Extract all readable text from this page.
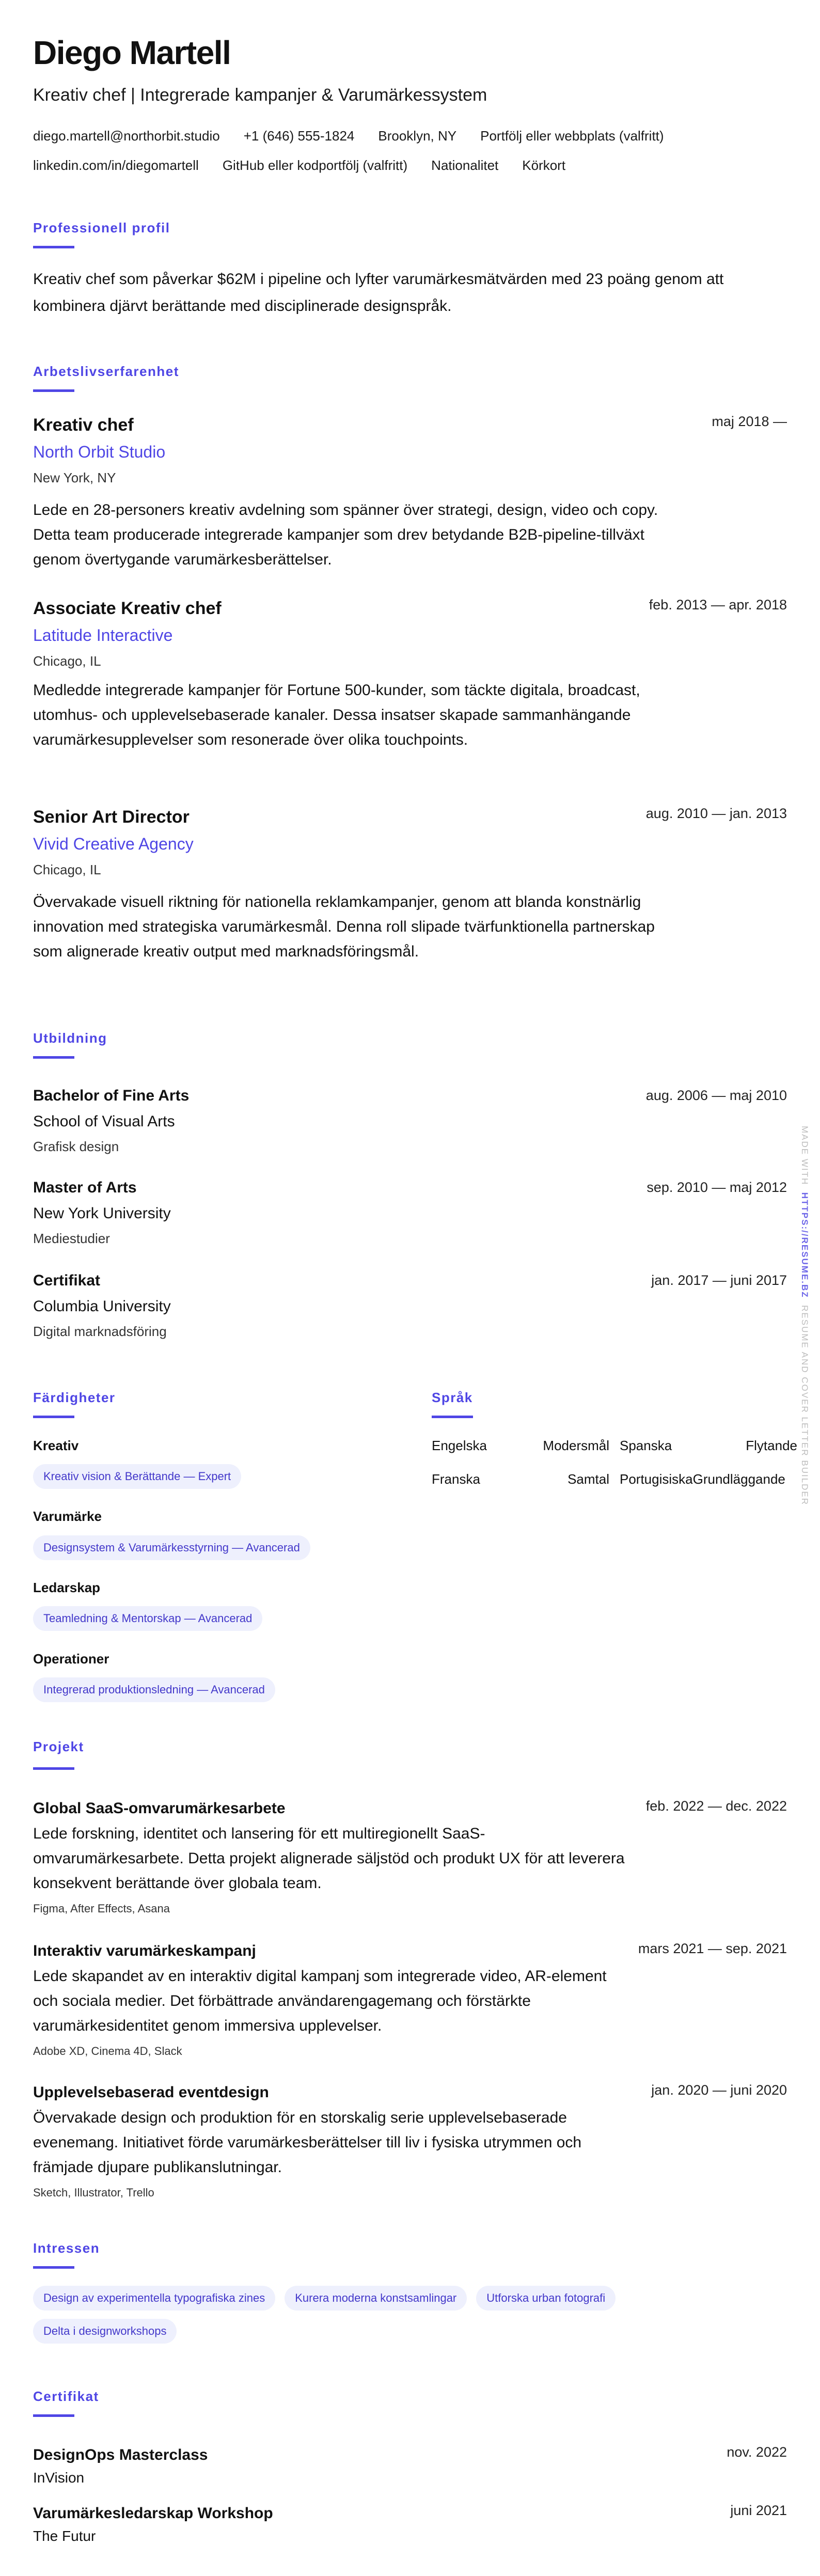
Diego Martell
Kreativ chef | Integrerade kampanjer & Varumärkessystem
diego.martell@northorbit.studio +1 (646) 555-1824 Brooklyn, NY Portfölj eller webbplats (valfritt)
linkedin.com/in/diegomartell GitHub eller kodportfölj (valfritt) Nationalitet Körkort
Professionell profil
Kreativ chef som påverkar $62M i pipeline och lyfter varumärkesmätvärden med 23 poäng genom att kombinera djärvt berättande med disciplinerade designspråk.
Arbetslivserfarenhet
Kreativ chef	maj 2018 —
North Orbit Studio
New York, NY
Lede en 28-personers kreativ avdelning som spänner över strategi, design, video och copy. Detta team producerade integrerade kampanjer som drev betydande B2B-pipeline-tillväxt genom övertygande varumärkesberättelser.
Associate Kreativ chef	feb. 2013 — apr. 2018
Latitude Interactive
Chicago, IL
Medledde integrerade kampanjer för Fortune 500-kunder, som täckte digitala, broadcast, utomhus- och upplevelsebaserade kanaler. Dessa insatser skapade sammanhängande varumärkesupplevelser som resonerade över olika touchpoints.
Senior Art Director	aug. 2010 — jan. 2013
Vivid Creative Agency
Chicago, IL
Övervakade visuell riktning för nationella reklamkampanjer, genom att blanda konstnärlig innovation med strategiska varumärkesmål. Denna roll slipade tvärfunktionella partnerskap som alignerade kreativ output med marknadsföringsmål.
Utbildning
Bachelor of Fine Arts	aug. 2006 — maj 2010
School of Visual Arts
Grafisk design
Master of Arts	sep. 2010 — maj 2012
New York University
Mediestudier
Certifikat	jan. 2017 — juni 2017
Columbia University
Digital marknadsföring
Färdigheter
Kreativ
Kreativ vision & Berättande — Expert
Varumärke
Designsystem & Varumärkesstyrning — Avancerad
Ledarskap
Teamledning & Mentorskap — Avancerad
Operationer
Integrerad produktionsledning — Avancerad
Språk
Engelska	Modersmål Spanska	Flytande
Franska	Samtal Portugisiska Grundläggande
Projekt
Global SaaS-omvarumärkesarbete	feb. 2022 — dec. 2022
Lede forskning, identitet och lansering för ett multiregionellt SaaS-omvarumärkesarbete. Detta projekt alignerade säljstöd och produkt UX för att leverera konsekvent berättande över globala team.
Figma, After Effects, Asana
Interaktiv varumärkeskampanj	mars 2021 — sep. 2021
Lede skapandet av en interaktiv digital kampanj som integrerade video, AR-element och sociala medier. Det förbättrade användarengagemang och förstärkte varumärkesidentitet genom immersiva upplevelser.
Adobe XD, Cinema 4D, Slack
Upplevelsebaserad eventdesign	jan. 2020 — juni 2020
Övervakade design och produktion för en storskalig serie upplevelsebaserade evenemang. Initiativet förde varumärkesberättelser till liv i fysiska utrymmen och främjade djupare publikanslutningar.
Sketch, Illustrator, Trello
Intressen
Design av experimentella typografiska zines	Kurera moderna konstsamlingar	Utforska urban fotografi
Delta i designworkshops
Certifikat
DesignOps Masterclass	nov. 2022
InVision
Varumärkesledarskap Workshop	juni 2021
The Futur
MADE WITH  HTTPS://RESUME.BZ  RESUME AND COVER LETTER BUILDER
